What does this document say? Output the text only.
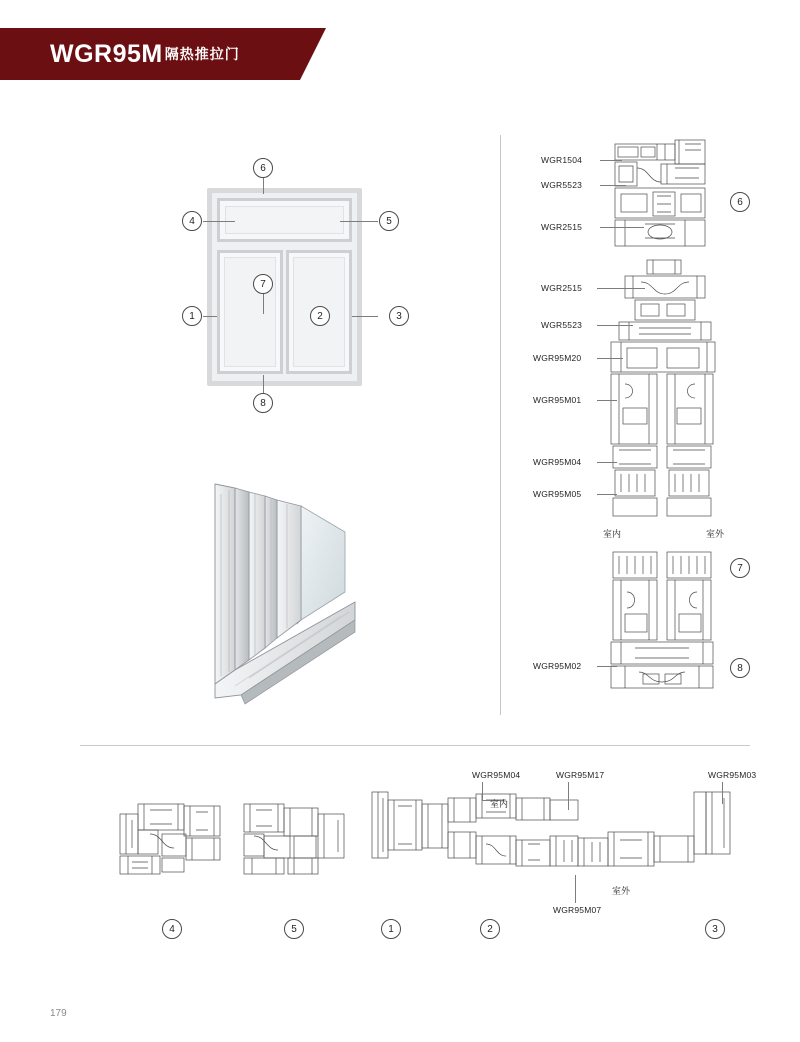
WGR95M 隔热推拉门
1	2	3
4	5
6
7
8
WGR1504
WGR5523
WGR2515
6
WGR2515
WGR5523
WGR95M20
WGR95M01
WGR95M04
WGR95M05
室内	室外
WGR95M02
7
8
4	5
WGR95M04	WGR95M17	WGR95M03
WGR95M07
室内
室外
1	2	3
179
